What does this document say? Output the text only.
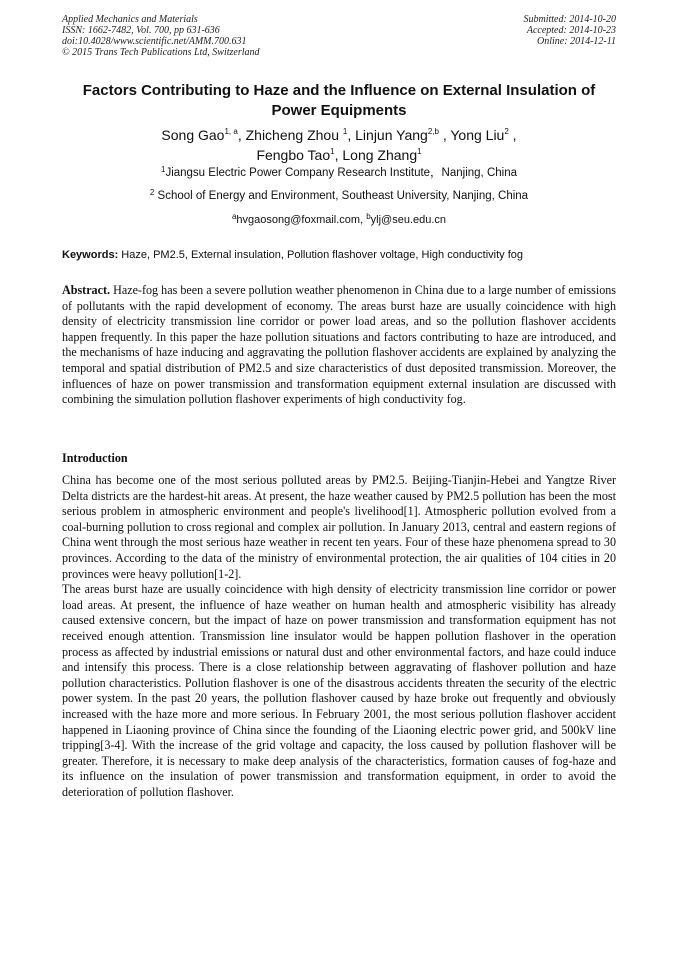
Applied Mechanics and Materials
ISSN: 1662-7482, Vol. 700, pp 631-636
doi:10.4028/www.scientific.net/AMM.700.631
© 2015 Trans Tech Publications Ltd, Switzerland
Submitted: 2014-10-20
Accepted: 2014-10-23
Online: 2014-12-11
Factors Contributing to Haze and the Influence on External Insulation of
Power Equipments
Song Gao$^{1, a}$, Zhicheng Zhou $^1$, Linjun Yang$^{2,b}$ , Yong Liu$^2$ ,
Fengbo Tao$^1$, Long Zhang$^1$
$^1$Jiangsu Electric Power Company Research Institute，Nanjing, China
$^2$ School of Energy and Environment, Southeast University, Nanjing, China
$^a$hvgaosong@foxmail.com, $^b$ylj@seu.edu.cn
Keywords: Haze, PM2.5, External insulation, Pollution flashover voltage, High conductivity fog

Abstract. Haze-fog has been a severe pollution weather phenomenon in China due to a large number of emissions of pollutants with the rapid development of economy. The areas burst haze are usually coincidence with high density of electricity transmission line corridor or power load areas, and so the pollution flashover accidents happen frequently. In this paper the haze pollution situations and factors contributing to haze are introduced, and the mechanisms of haze inducing and aggravating the pollution flashover accidents are explained by analyzing the temporal and spatial distribution of PM2.5 and size characteristics of dust deposited transmission. Moreover, the influences of haze on power transmission and transformation equipment external insulation are discussed with combining the simulation pollution flashover experiments of high conductivity fog.

Introduction

China has become one of the most serious polluted areas by PM2.5. Beijing-Tianjin-Hebei and Yangtze River Delta districts are the hardest-hit areas. At present, the haze weather caused by PM2.5 pollution has been the most serious problem in atmospheric environment and people's livelihood[1]. Atmospheric pollution evolved from a coal-burning pollution to cross regional and complex air pollution. In January 2013, central and eastern regions of China went through the most serious haze weather in recent ten years. Four of these haze phenomena spread to 30 provinces. According to the data of the ministry of environmental protection, the air qualities of 104 cities in 20 provinces were heavy pollution[1-2].

The areas burst haze are usually coincidence with high density of electricity transmission line corridor or power load areas. At present, the influence of haze weather on human health and atmospheric visibility has already caused extensive concern, but the impact of haze on power transmission and transformation equipment has not received enough attention. Transmission line insulator would be happen pollution flashover in the operation process as affected by industrial emissions or natural dust and other environmental factors, and haze could induce and intensify this process. There is a close relationship between aggravating of flashover pollution and haze pollution characteristics. Pollution flashover is one of the disastrous accidents threaten the security of the electric power system. In the past 20 years, the pollution flashover caused by haze broke out frequently and obviously increased with the haze more and more serious. In February 2001, the most serious pollution flashover accident happened in Liaoning province of China since the founding of the Liaoning electric power grid, and 500kV line tripping[3-4]. With the increase of the grid voltage and capacity, the loss caused by pollution flashover will be greater. Therefore, it is necessary to make deep analysis of the characteristics, formation causes of fog-haze and its influence on the insulation of power transmission and transformation equipment, in order to avoid the deterioration of pollution flashover.
